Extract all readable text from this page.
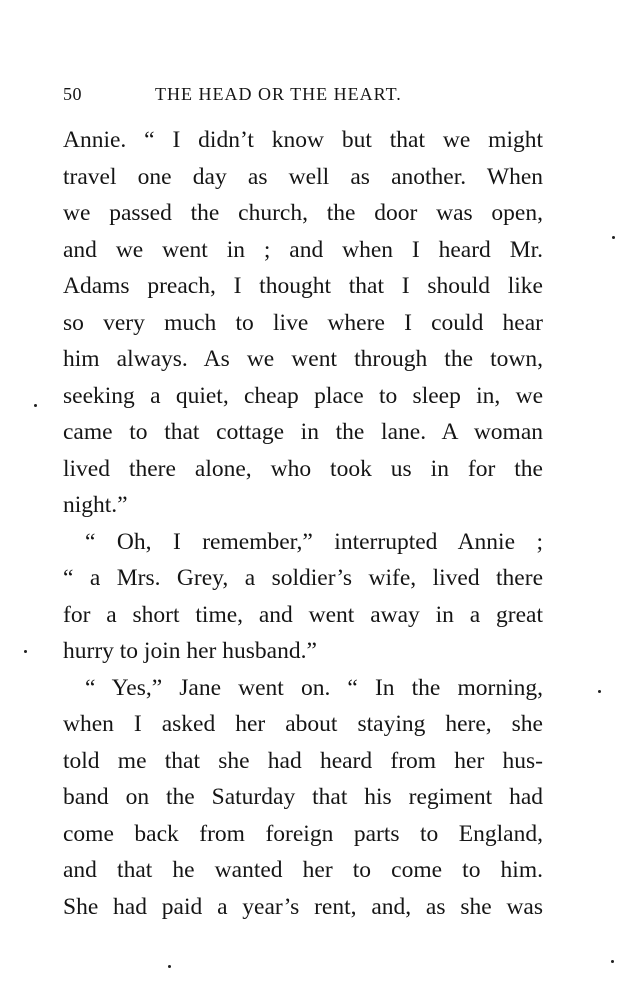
50	THE HEAD OR THE HEART.
Annie. “ I didn’t know but that we might
travel one day as well as another. When
we passed the church, the door was open,
and we went in ; and when I heard Mr.
Adams preach, I thought that I should like
so very much to live where I could hear
him always. As we went through the town,
seeking a quiet, cheap place to sleep in, we
came to that cottage in the lane. A woman
lived there alone, who took us in for the
night.”
“ Oh, I remember,” interrupted Annie ;
“ a Mrs. Grey, a soldier’s wife, lived there
for a short time, and went away in a great
hurry to join her husband.”
“ Yes,” Jane went on. “ In the morning,
when I asked her about staying here, she
told me that she had heard from her hus-
band on the Saturday that his regiment had
come back from foreign parts to England,
and that he wanted her to come to him.
She had paid a year’s rent, and, as she was
